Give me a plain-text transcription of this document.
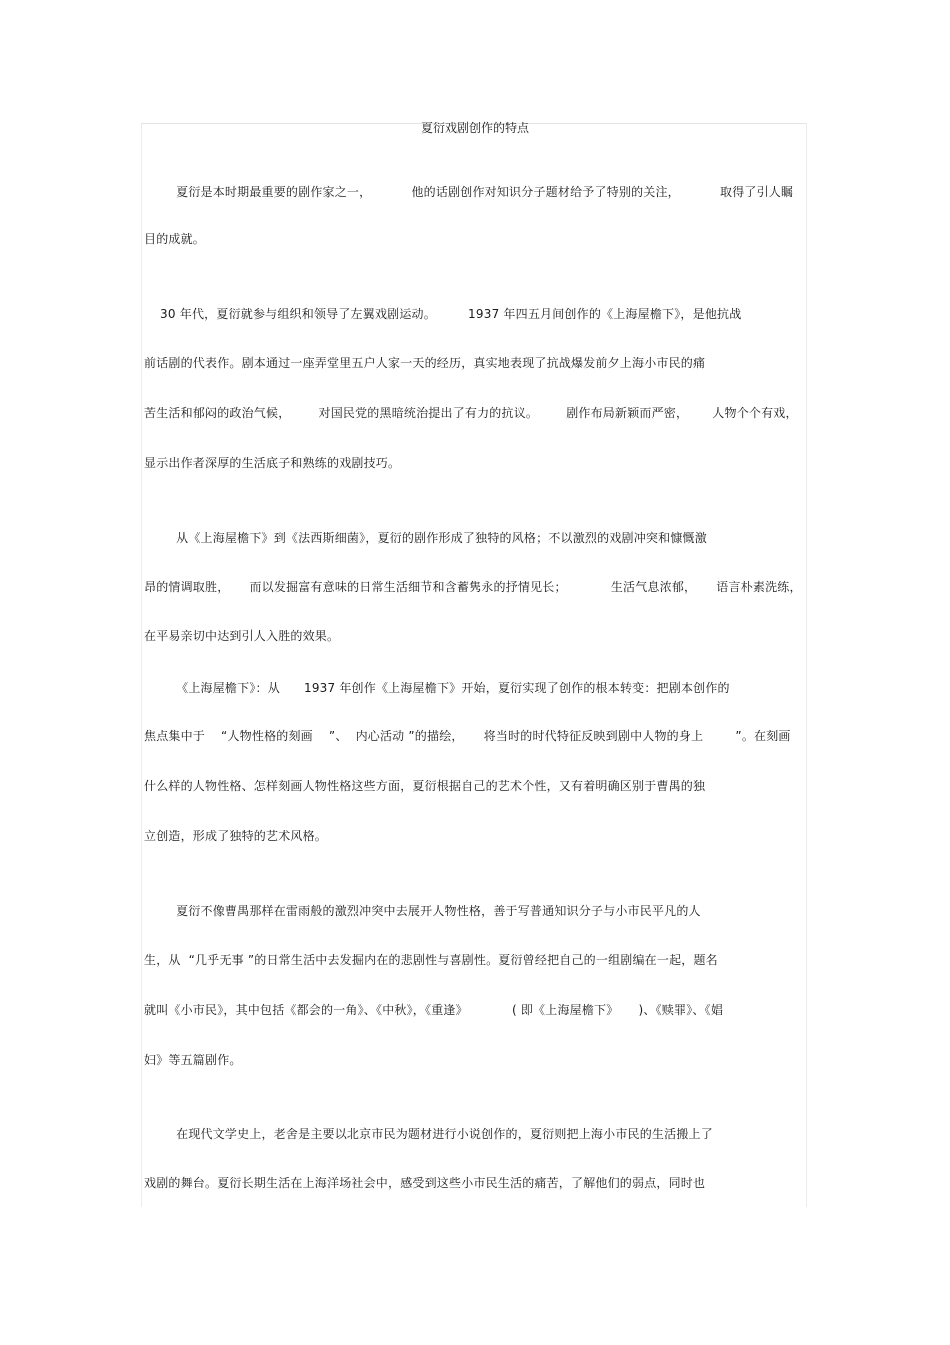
夏衍戏剧创作的特点
夏衍是本时期最重要的剧作家之一，          他的话剧创作对知识分子题材给予了特别的关注，          取得了引人瞩
目的成就。
30 年代，夏衍就参与组织和领导了左翼戏剧运动。        1937 年四五月间创作的《上海屋檐下》，是他抗战
前话剧的代表作。剧本通过一座弄堂里五户人家一天的经历，真实地表现了抗战爆发前夕上海小市民的痛
苦生活和郁闷的政治气候，       对国民党的黑暗统治提出了有力的抗议。       剧作布局新颖而严密，      人物个个有戏，
显示出作者深厚的生活底子和熟练的戏剧技巧。
从《上海屋檐下》到《法西斯细菌》，夏衍的剧作形成了独特的风格；不以激烈的戏剧冲突和慷慨激
昂的情调取胜，     而以发掘富有意味的日常生活细节和含蓄隽永的抒情见长；           生活气息浓郁，     语言朴素洗练，
在平易亲切中达到引人入胜的效果。
《上海屋檐下》：从      1937 年创作《上海屋檐下》开始，夏衍实现了创作的根本转变：把剧本创作的
焦点集中于    “人物性格的刻画    ”、  内心活动 ”的描绘，     将当时的时代特征反映到剧中人物的身上        ”。在刻画
什么样的人物性格、怎样刻画人物性格这些方面，夏衍根据自己的艺术个性，又有着明确区别于曹禺的独
立创造，形成了独特的艺术风格。
夏衍不像曹禺那样在雷雨般的激烈冲突中去展开人物性格，善于写普通知识分子与小市民平凡的人
生，从  “几乎无事 ”的日常生活中去发掘内在的悲剧性与喜剧性。夏衍曾经把自己的一组剧编在一起，题名
就叫《小市民》，其中包括《都会的一角》、《中秋》，《重逢》           ( 即《上海屋檐下》     )、《赎罪》、《娼
妇》等五篇剧作。
在现代文学史上，老舍是主要以北京市民为题材进行小说创作的，夏衍则把上海小市民的生活搬上了
戏剧的舞台。夏衍长期生活在上海洋场社会中，感受到这些小市民生活的痛苦，了解他们的弱点，同时也
